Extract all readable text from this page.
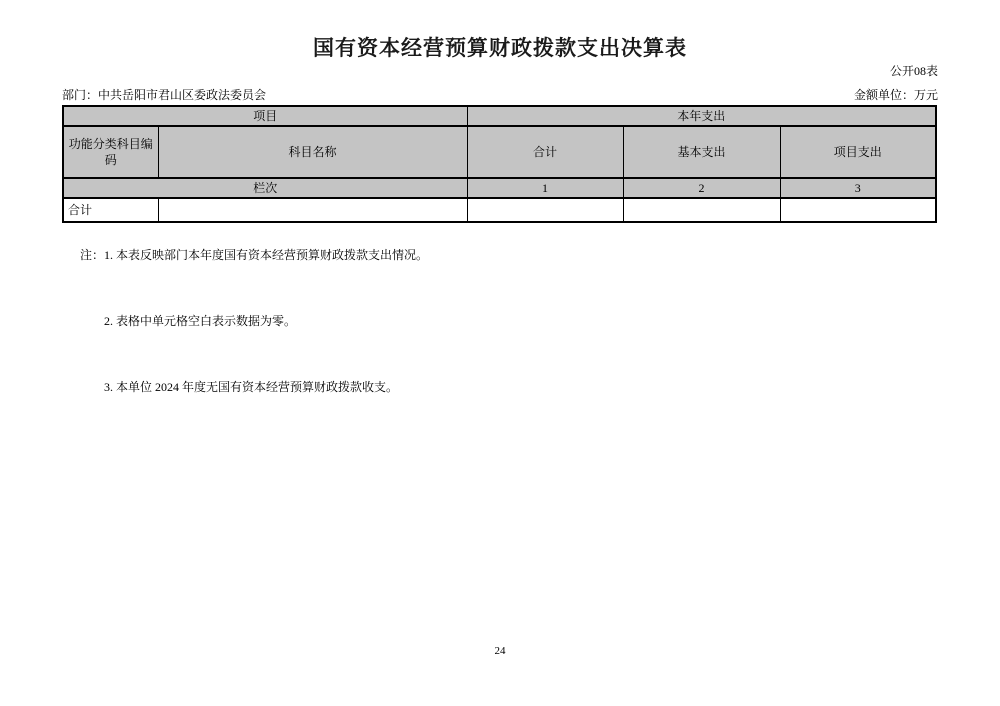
国有资本经营预算财政拨款支出决算表
公开08表
部门：中共岳阳市君山区委政法委员会	金额单位：万元
项目		本年支出		
功能分类科目编码	科目名称	合计	基本支出	项目支出
栏次		1	2	3
合计				

注：1. 本表反映部门本年度国有资本经营预算财政拨款支出情况。

2. 表格中单元格空白表示数据为零。

3. 本单位 2024 年度无国有资本经营预算财政拨款收支。

24
